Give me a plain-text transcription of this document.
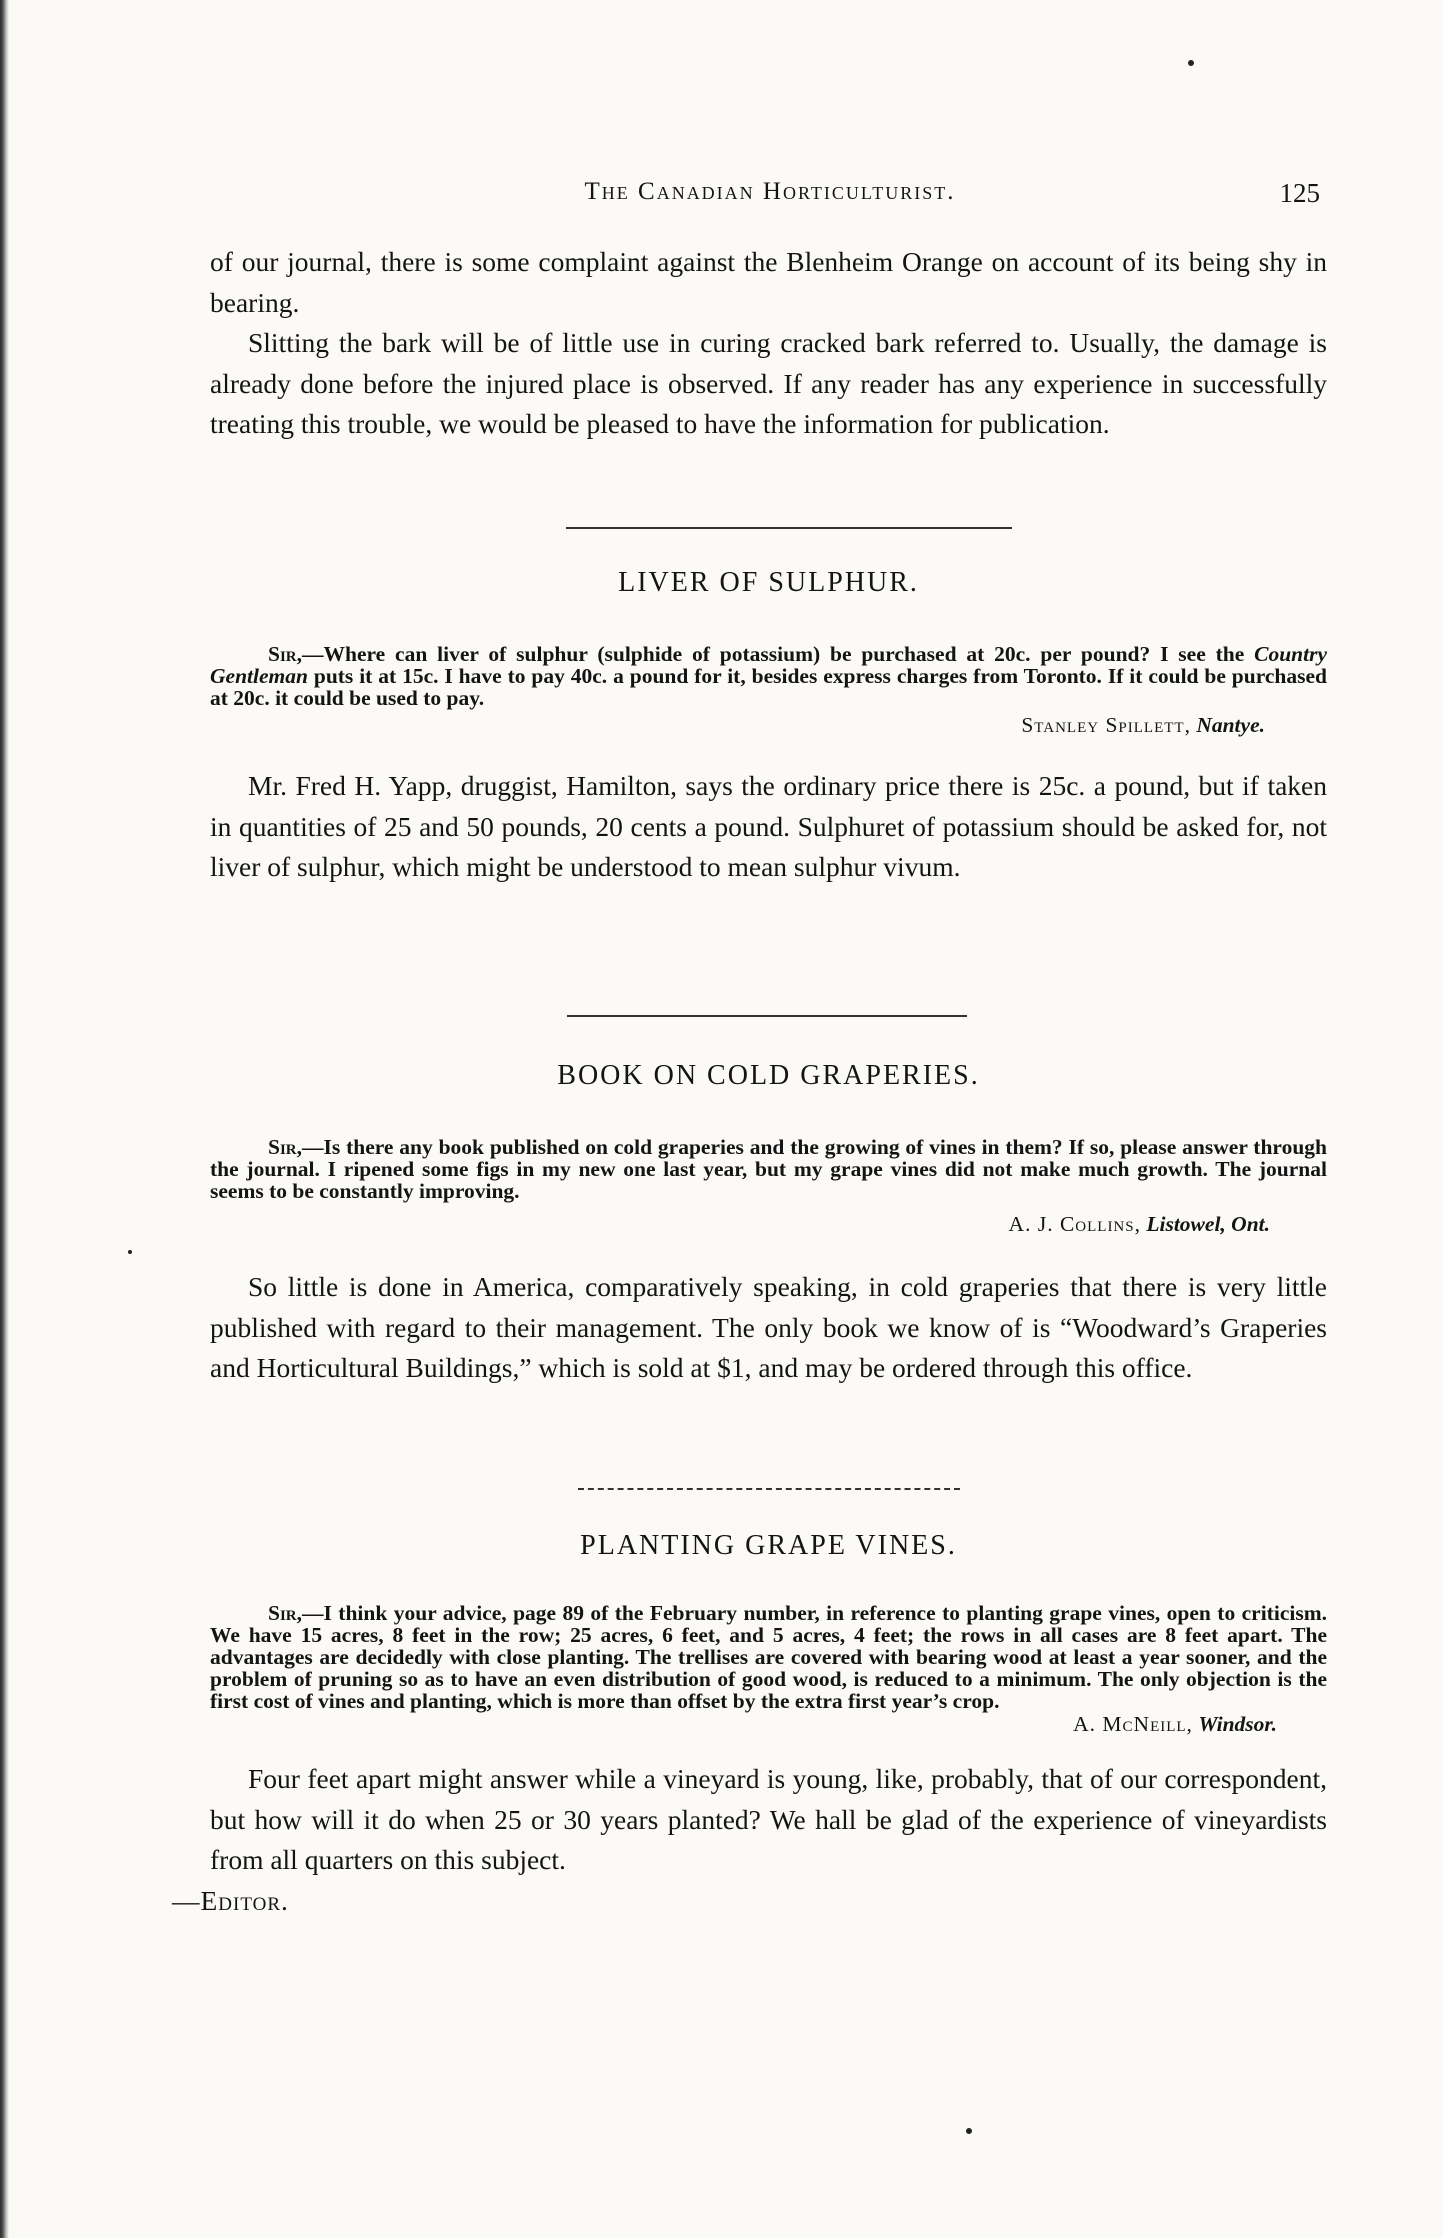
The Canadian Horticulturist.	125

of our journal, there is some complaint against the Blenheim Orange on account of its being shy in bearing.

Slitting the bark will be of little use in curing cracked bark referred to. Usually, the damage is already done before the injured place is observed. If any reader has any experience in successfully treating this trouble, we would be pleased to have the information for publication.

LIVER OF SULPHUR.

Sir,—Where can liver of sulphur (sulphide of potassium) be purchased at 20c. per pound? I see the Country Gentleman puts it at 15c. I have to pay 40c. a pound for it, besides express charges from Toronto. If it could be purchased at 20c. it could be used to pay.

Stanley Spillett, Nantye.

Mr. Fred H. Yapp, druggist, Hamilton, says the ordinary price there is 25c. a pound, but if taken in quantities of 25 and 50 pounds, 20 cents a pound. Sulphuret of potassium should be asked for, not liver of sulphur, which might be understood to mean sulphur vivum.

BOOK ON COLD GRAPERIES.

Sir,—Is there any book published on cold graperies and the growing of vines in them? If so, please answer through the journal. I ripened some figs in my new one last year, but my grape vines did not make much growth. The journal seems to be constantly improving.

A. J. Collins, Listowel, Ont.

So little is done in America, comparatively speaking, in cold graperies that there is very little published with regard to their management. The only book we know of is “Woodward’s Graperies and Horticultural Buildings,” which is sold at $1, and may be ordered through this office.

PLANTING GRAPE VINES.

Sir,—I think your advice, page 89 of the February number, in reference to planting grape vines, open to criticism. We have 15 acres, 8 feet in the row; 25 acres, 6 feet, and 5 acres, 4 feet; the rows in all cases are 8 feet apart. The advantages are decidedly with close planting. The trellises are covered with bearing wood at least a year sooner, and the problem of pruning so as to have an even distribution of good wood, is reduced to a minimum. The only objection is the first cost of vines and planting, which is more than offset by the extra first year’s crop.

A. McNeill, Windsor.

Four feet apart might answer while a vineyard is young, like, probably, that of our correspondent, but how will it do when 25 or 30 years planted? We hall be glad of the experience of vineyardists from all quarters on this subject.
—Editor.
